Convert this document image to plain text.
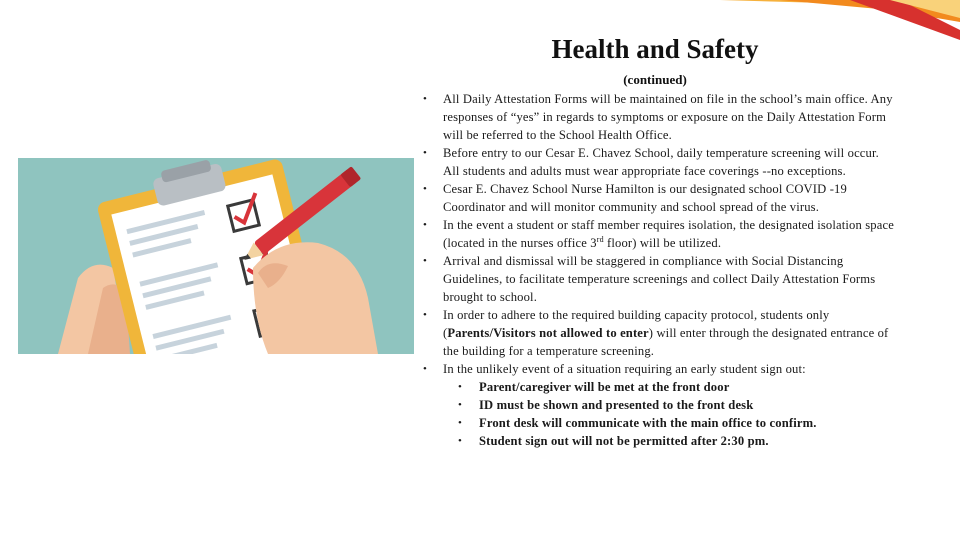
Health and Safety
(continued)
• All Daily Attestation Forms will be maintained on file in the school’s main office. Any responses of “yes” in regards to symptoms or exposure on the Daily Attestation Form will be referred to the School Health Office.
• Before entry to our Cesar E. Chavez School, daily temperature screening will occur. All students and adults must wear appropriate face coverings --no exceptions.
• Cesar E. Chavez School Nurse Hamilton is our designated school COVID -19 Coordinator and will monitor community and school spread of the virus.
• In the event a student or staff member requires isolation, the designated isolation space (located in the nurses office 3rd floor) will be utilized.
• Arrival and dismissal will be staggered in compliance with Social Distancing Guidelines, to facilitate temperature screenings and collect Daily Attestation Forms brought to school.
• In order to adhere to the required building capacity protocol, students only (Parents/Visitors not allowed to enter) will enter through the designated entrance of the building for a temperature screening.
• In the unlikely event of a situation requiring an early student sign out:
• Parent/caregiver will be met at the front door
• ID must be shown and presented to the front desk
• Front desk will communicate with the main office to confirm.
• Student sign out will not be permitted after 2:30 pm.
